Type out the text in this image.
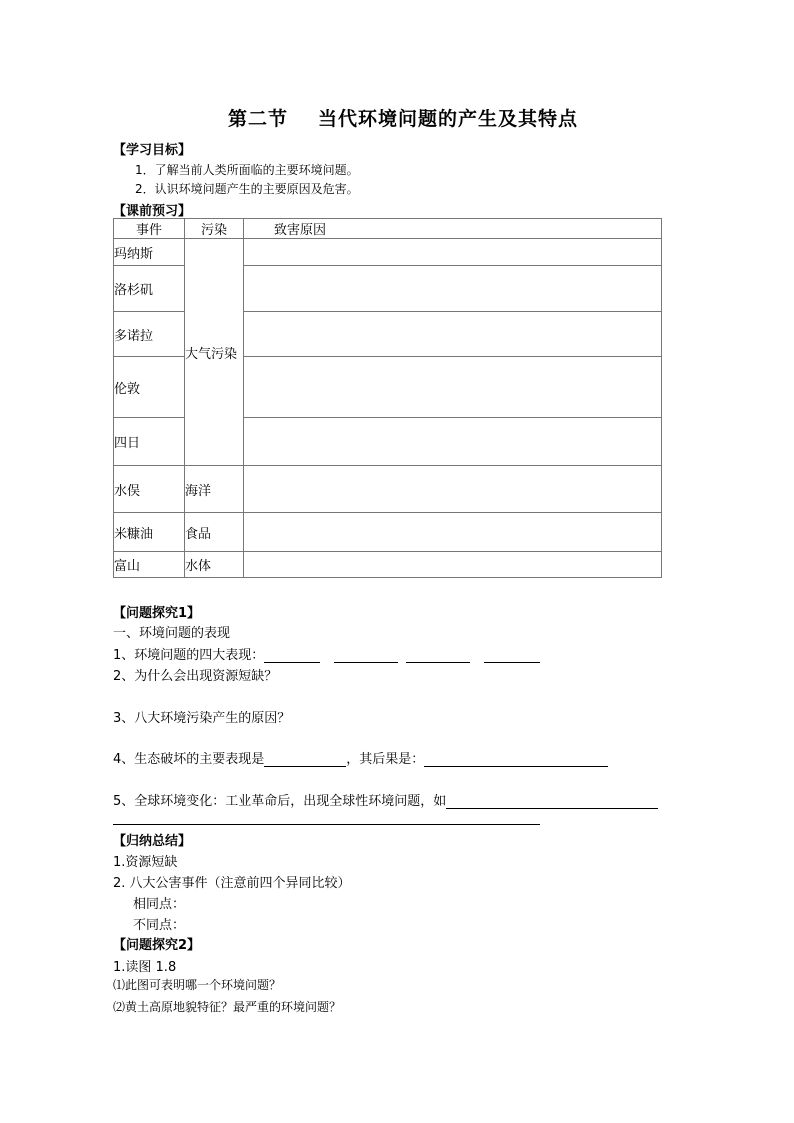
第二节 当代环境问题的产生及其特点
【学习目标】
1．了解当前人类所面临的主要环境问题。
2．认识环境问题产生的主要原因及危害。
【课前预习】
事件	污染	致害原因
玛纳斯	大气污染	
洛杉矶		
多诺拉		
伦敦		
四日		
水俣	海洋	
米糠油	食品	
富山	水体	
【问题探究1】
一、环境问题的表现
1、环境问题的四大表现：
2、为什么会出现资源短缺？
3、八大环境污染产生的原因？
4、生态破坏的主要表现是	，其后果是：
5、全球环境变化：工业革命后，出现全球性环境问题，如
【归纳总结】
1.资源短缺
2. 八大公害事件（注意前四个异同比较）
相同点：
不同点：
【问题探究2】
1.读图 1.8
⑴此图可表明哪一个环境问题？
⑵黄土高原地貌特征？最严重的环境问题？
